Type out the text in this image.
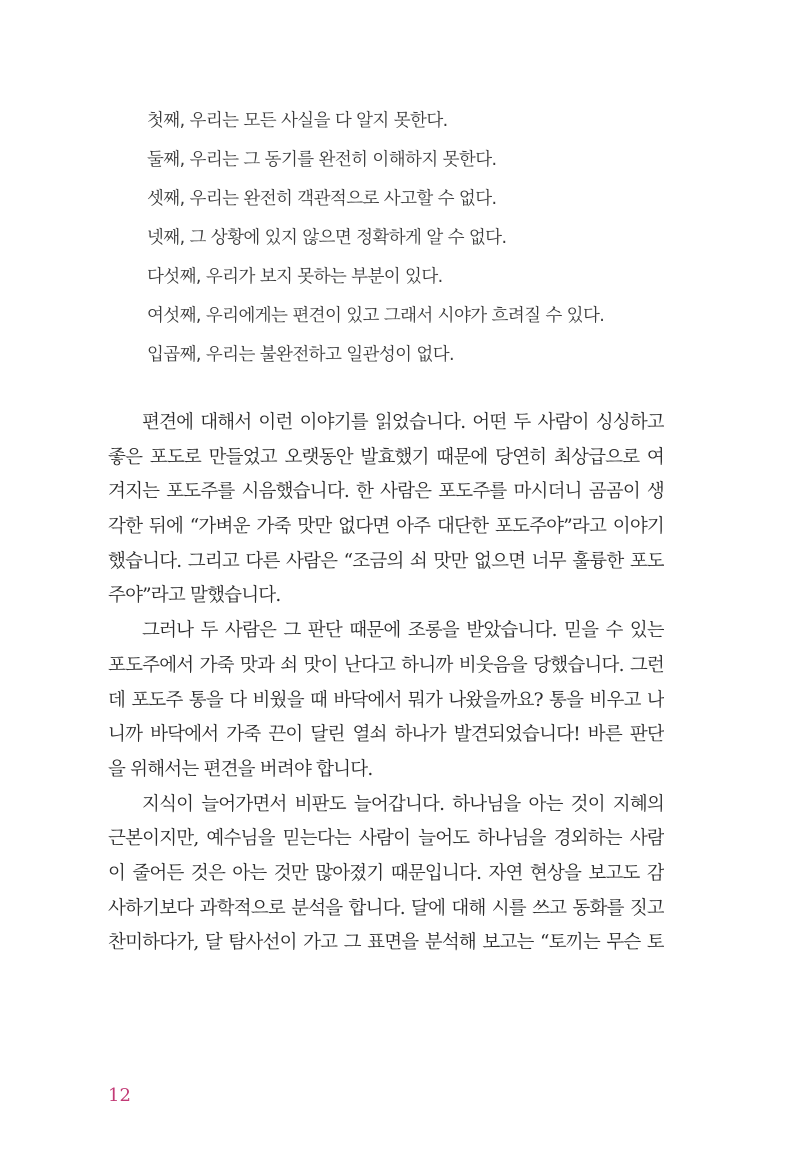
첫째, 우리는 모든 사실을 다 알지 못한다.
둘째, 우리는 그 동기를 완전히 이해하지 못한다.
셋째, 우리는 완전히 객관적으로 사고할 수 없다.
넷째, 그 상황에 있지 않으면 정확하게 알 수 없다.
다섯째, 우리가 보지 못하는 부분이 있다.
여섯째, 우리에게는 편견이 있고 그래서 시야가 흐려질 수 있다.
입곱째, 우리는 불완전하고 일관성이 없다.
편견에 대해서 이런 이야기를 읽었습니다. 어떤 두 사람이 싱싱하고
좋은 포도로 만들었고 오랫동안 발효했기 때문에 당연히 최상급으로 여
겨지는 포도주를 시음했습니다. 한 사람은 포도주를 마시더니 곰곰이 생
각한 뒤에 “가벼운 가죽 맛만 없다면 아주 대단한 포도주야”라고 이야기
했습니다. 그리고 다른 사람은 “조금의 쇠 맛만 없으면 너무 훌륭한 포도
주야”라고 말했습니다.
그러나 두 사람은 그 판단 때문에 조롱을 받았습니다. 믿을 수 있는
포도주에서 가죽 맛과 쇠 맛이 난다고 하니까 비웃음을 당했습니다. 그런
데 포도주 통을 다 비웠을 때 바닥에서 뭐가 나왔을까요? 통을 비우고 나
니까 바닥에서 가죽 끈이 달린 열쇠 하나가 발견되었습니다! 바른 판단
을 위해서는 편견을 버려야 합니다.
지식이 늘어가면서 비판도 늘어갑니다. 하나님을 아는 것이 지혜의
근본이지만, 예수님을 믿는다는 사람이 늘어도 하나님을 경외하는 사람
이 줄어든 것은 아는 것만 많아졌기 때문입니다. 자연 현상을 보고도 감
사하기보다 과학적으로 분석을 합니다. 달에 대해 시를 쓰고 동화를 짓고
찬미하다가, 달 탐사선이 가고 그 표면을 분석해 보고는 “토끼는 무슨 토
12
